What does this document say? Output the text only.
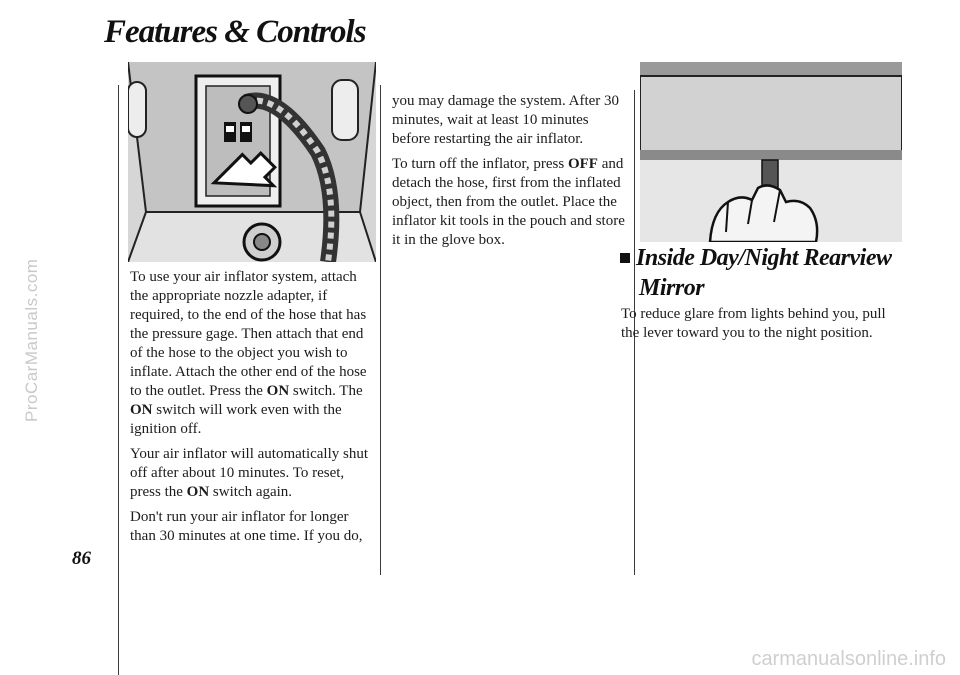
Features & Controls
ProCarManuals.com
carmanualsonline.info
86

To use your air inflator system, attach the appropriate nozzle adapter, if required, to the end of the hose that has the pressure gage. Then attach that end of the hose to the object you wish to inflate. Attach the other end of the hose to the outlet. Press the ON switch. The ON switch will work even with the ignition off.

Your air inflator will automatically shut off after about 10 minutes. To reset, press the ON switch again.

Don't run your air inflator for longer than 30 minutes at one time. If you do,

you may damage the system. After 30 minutes, wait at least 10 minutes before restarting the air inflator.

To turn off the inflator, press OFF and detach the hose, first from the inflated object, then from the outlet. Place the inflator kit tools in the pouch and store it in the glove box.

Inside Day/Night Rearview
Mirror

To reduce glare from lights behind you, pull the lever toward you to the night position.
